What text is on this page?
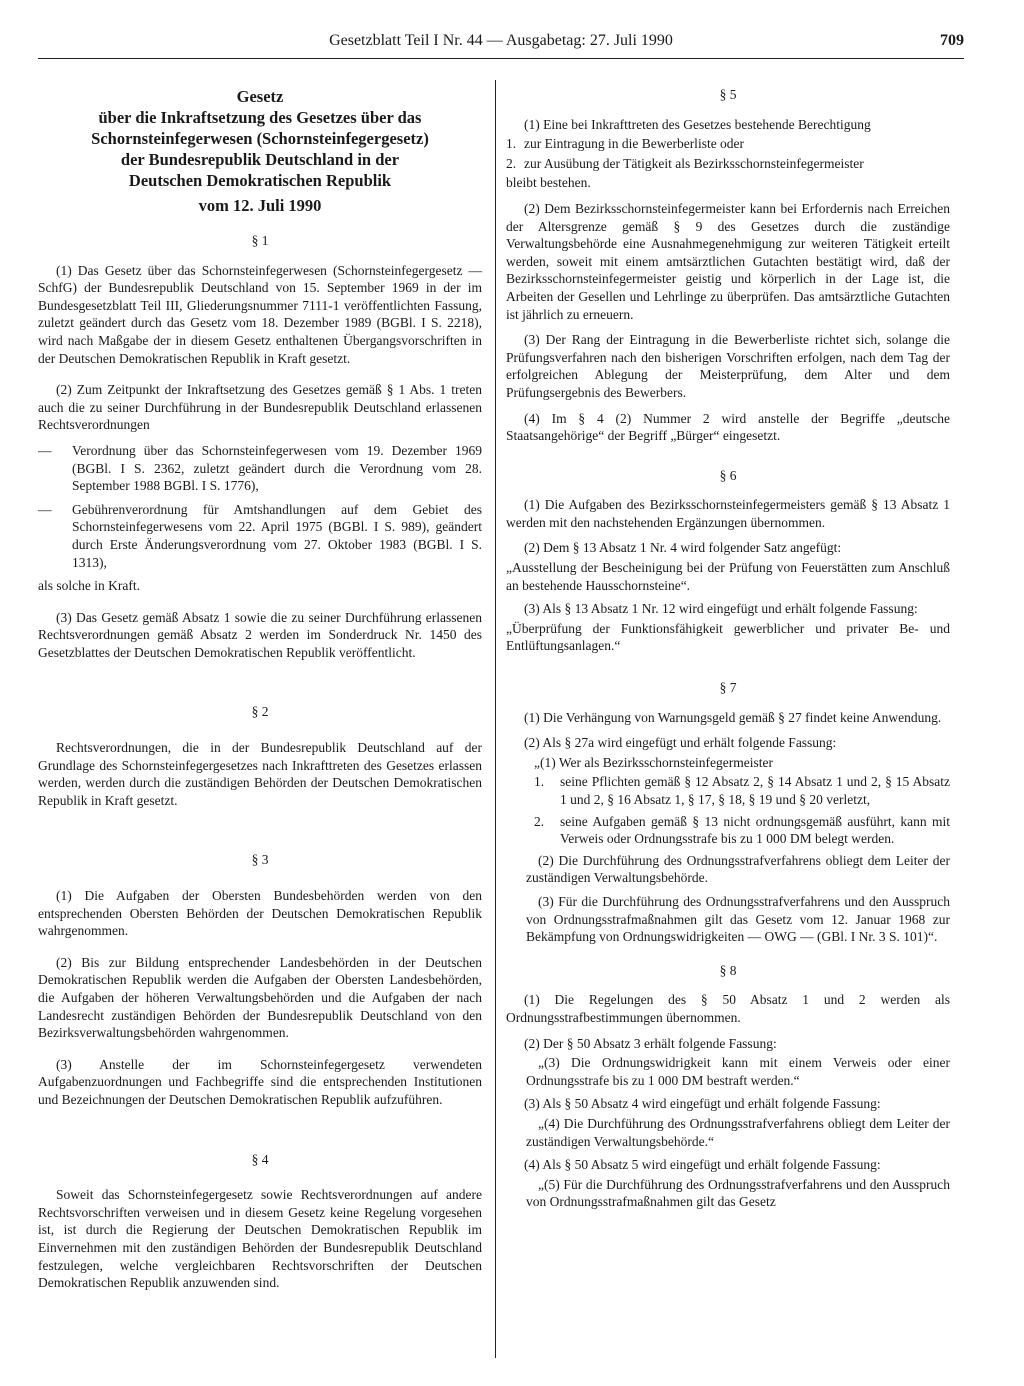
Gesetzblatt Teil I Nr. 44 — Ausgabetag: 27. Juli 1990	709
Gesetz
über die Inkraftsetzung des Gesetzes über das
Schornsteinfegerwesen (Schornsteinfegergesetz)
der Bundesrepublik Deutschland in der
Deutschen Demokratischen Republik
vom 12. Juli 1990
§ 1

(1) Das Gesetz über das Schornsteinfegerwesen (Schornsteinfegergesetz — SchfG) der Bundesrepublik Deutschland von 15. September 1969 in der im Bundesgesetzblatt Teil III, Gliederungsnummer 7111-1 veröffentlichten Fassung, zuletzt geändert durch das Gesetz vom 18. Dezember 1989 (BGBl. I S. 2218), wird nach Maßgabe der in diesem Gesetz enthaltenen Übergangsvorschriften in der Deutschen Demokratischen Republik in Kraft gesetzt.

(2) Zum Zeitpunkt der Inkraftsetzung des Gesetzes gemäß § 1 Abs. 1 treten auch die zu seiner Durchführung in der Bundesrepublik Deutschland erlassenen Rechtsverordnungen

—	Verordnung über das Schornsteinfegerwesen vom 19. Dezember 1969 (BGBl. I S. 2362, zuletzt geändert durch die Verordnung vom 28. September 1988 BGBl. I S. 1776),
—	Gebührenverordnung für Amtshandlungen auf dem Gebiet des Schornsteinfegerwesens vom 22. April 1975 (BGBl. I S. 989), geändert durch Erste Änderungsverordnung vom 27. Oktober 1983 (BGBl. I S. 1313),

als solche in Kraft.

(3) Das Gesetz gemäß Absatz 1 sowie die zu seiner Durchführung erlassenen Rechtsverordnungen gemäß Absatz 2 werden im Sonderdruck Nr. 1450 des Gesetzblattes der Deutschen Demokratischen Republik veröffentlicht.

§ 2

Rechtsverordnungen, die in der Bundesrepublik Deutschland auf der Grundlage des Schornsteinfegergesetzes nach Inkrafttreten des Gesetzes erlassen werden, werden durch die zuständigen Behörden der Deutschen Demokratischen Republik in Kraft gesetzt.

§ 3

(1) Die Aufgaben der Obersten Bundesbehörden werden von den entsprechenden Obersten Behörden der Deutschen Demokratischen Republik wahrgenommen.

(2) Bis zur Bildung entsprechender Landesbehörden in der Deutschen Demokratischen Republik werden die Aufgaben der Obersten Landesbehörden, die Aufgaben der höheren Verwaltungsbehörden und die Aufgaben der nach Landesrecht zuständigen Behörden der Bundesrepublik Deutschland von den Bezirksverwaltungsbehörden wahrgenommen.

(3) Anstelle der im Schornsteinfegergesetz verwendeten Aufgabenzuordnungen und Fachbegriffe sind die entsprechenden Institutionen und Bezeichnungen der Deutschen Demokratischen Republik aufzuführen.

§ 4

Soweit das Schornsteinfegergesetz sowie Rechtsverordnungen auf andere Rechtsvorschriften verweisen und in diesem Gesetz keine Regelung vorgesehen ist, ist durch die Regierung der Deutschen Demokratischen Republik im Einvernehmen mit den zuständigen Behörden der Bundesrepublik Deutschland festzulegen, welche vergleichbaren Rechtsvorschriften der Deutschen Demokratischen Republik anzuwenden sind.

§ 5

(1) Eine bei Inkrafttreten des Gesetzes bestehende Berechtigung

1. zur Eintragung in die Bewerberliste oder
2. zur Ausübung der Tätigkeit als Bezirksschornsteinfegermeister

bleibt bestehen.

(2) Dem Bezirksschornsteinfegermeister kann bei Erfordernis nach Erreichen der Altersgrenze gemäß § 9 des Gesetzes durch die zuständige Verwaltungsbehörde eine Ausnahmegenehmigung zur weiteren Tätigkeit erteilt werden, soweit mit einem amtsärztlichen Gutachten bestätigt wird, daß der Bezirksschornsteinfegermeister geistig und körperlich in der Lage ist, die Arbeiten der Gesellen und Lehrlinge zu überprüfen. Das amtsärztliche Gutachten ist jährlich zu erneuern.

(3) Der Rang der Eintragung in die Bewerberliste richtet sich, solange die Prüfungsverfahren nach den bisherigen Vorschriften erfolgen, nach dem Tag der erfolgreichen Ablegung der Meisterprüfung, dem Alter und dem Prüfungsergebnis des Bewerbers.

(4) Im § 4 (2) Nummer 2 wird anstelle der Begriffe „deutsche Staatsangehörige“ der Begriff „Bürger“ eingesetzt.

§ 6

(1) Die Aufgaben des Bezirksschornsteinfegermeisters gemäß § 13 Absatz 1 werden mit den nachstehenden Ergänzungen übernommen.

(2) Dem § 13 Absatz 1 Nr. 4 wird folgender Satz angefügt:

„Ausstellung der Bescheinigung bei der Prüfung von Feuerstätten zum Anschluß an bestehende Hausschornsteine“.

(3) Als § 13 Absatz 1 Nr. 12 wird eingefügt und erhält folgende Fassung:

„Überprüfung der Funktionsfähigkeit gewerblicher und privater Be- und Entlüftungsanlagen.“

§ 7

(1) Die Verhängung von Warnungsgeld gemäß § 27 findet keine Anwendung.

(2) Als § 27a wird eingefügt und erhält folgende Fassung:

„(1) Wer als Bezirksschornsteinfegermeister

1.	seine Pflichten gemäß § 12 Absatz 2, § 14 Absatz 1 und 2, § 15 Absatz 1 und 2, § 16 Absatz 1, § 17, § 18, § 19 und § 20 verletzt,
2.	seine Aufgaben gemäß § 13 nicht ordnungsgemäß ausführt, kann mit Verweis oder Ordnungsstrafe bis zu 1 000 DM belegt werden.

(2) Die Durchführung des Ordnungsstrafverfahrens obliegt dem Leiter der zuständigen Verwaltungsbehörde.

(3) Für die Durchführung des Ordnungsstrafverfahrens und den Ausspruch von Ordnungsstrafmaßnahmen gilt das Gesetz vom 12. Januar 1968 zur Bekämpfung von Ordnungswidrigkeiten — OWG — (GBl. I Nr. 3 S. 101)“.

§ 8

(1) Die Regelungen des § 50 Absatz 1 und 2 werden als Ordnungsstrafbestimmungen übernommen.

(2) Der § 50 Absatz 3 erhält folgende Fassung:

„(3) Die Ordnungswidrigkeit kann mit einem Verweis oder einer Ordnungsstrafe bis zu 1 000 DM bestraft werden.“

(3) Als § 50 Absatz 4 wird eingefügt und erhält folgende Fassung:

„(4) Die Durchführung des Ordnungsstrafverfahrens obliegt dem Leiter der zuständigen Verwaltungsbehörde.“

(4) Als § 50 Absatz 5 wird eingefügt und erhält folgende Fassung:

„(5) Für die Durchführung des Ordnungsstrafverfahrens und den Ausspruch von Ordnungsstrafmaßnahmen gilt das Gesetz
